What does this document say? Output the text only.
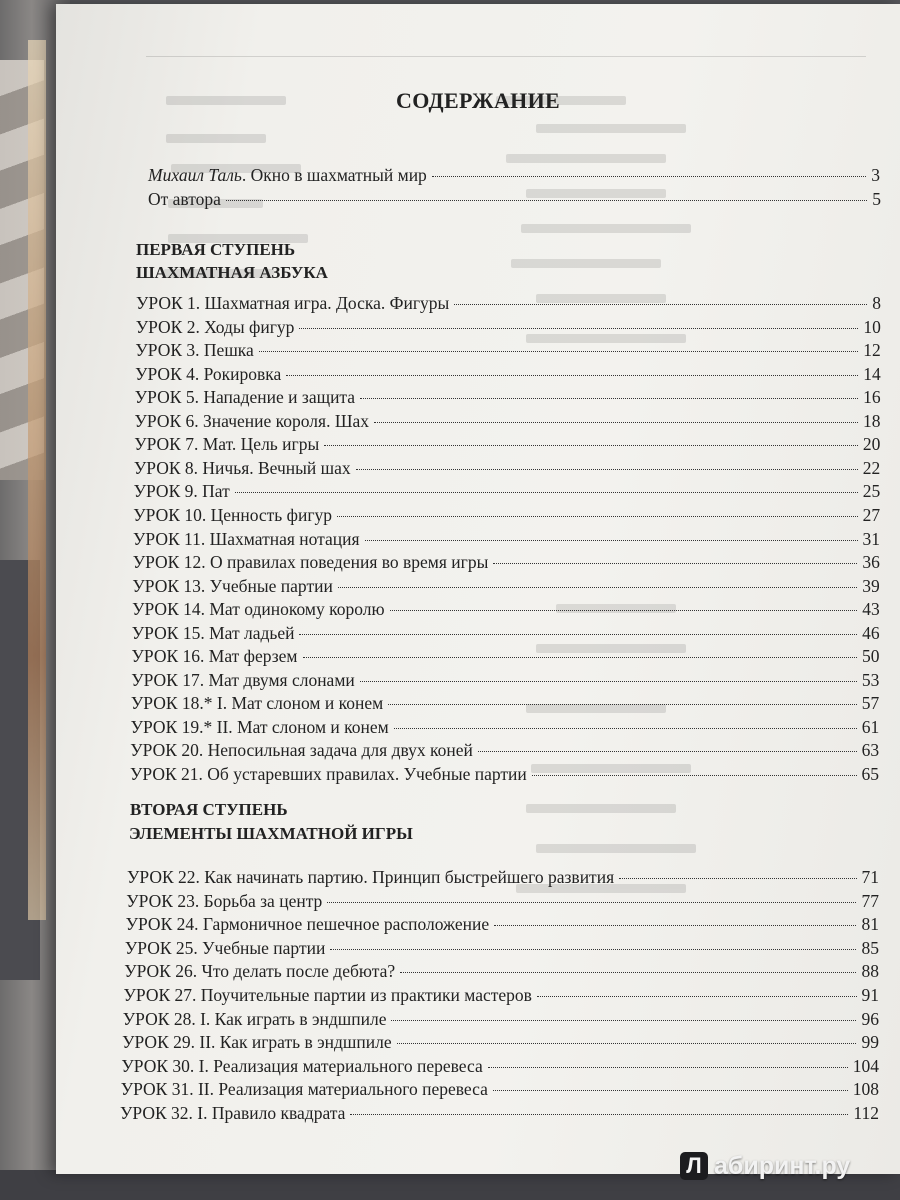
СОДЕРЖАНИЕ
Михаил Таль. Окно в шахматный мир	3
От автора	5
ПЕРВАЯ СТУПЕНЬ
ШАХМАТНАЯ АЗБУКА
УРОК 1. Шахматная игра. Доска. Фигуры	8
УРОК 2. Ходы фигур	10
УРОК 3. Пешка	12
УРОК 4. Рокировка	14
УРОК 5. Нападение и защита	16
УРОК 6. Значение короля. Шах	18
УРОК 7. Мат. Цель игры	20
УРОК 8. Ничья. Вечный шах	22
УРОК 9. Пат	25
УРОК 10. Ценность фигур	27
УРОК 11. Шахматная нотация	31
УРОК 12. О правилах поведения во время игры	36
УРОК 13. Учебные партии	39
УРОК 14. Мат одинокому королю	43
УРОК 15. Мат ладьей	46
УРОК 16. Мат ферзем	50
УРОК 17. Мат двумя слонами	53
УРОК 18.* I. Мат слоном и конем	57
УРОК 19.* II. Мат слоном и конем	61
УРОК 20. Непосильная задача для двух коней	63
УРОК 21. Об устаревших правилах. Учебные партии	65
ВТОРАЯ СТУПЕНЬ
ЭЛЕМЕНТЫ ШАХМАТНОЙ ИГРЫ
УРОК 22. Как начинать партию. Принцип быстрейшего развития	71
УРОК 23. Борьба за центр	77
УРОК 24. Гармоничное пешечное расположение	81
УРОК 25. Учебные партии	85
УРОК 26. Что делать после дебюта?	88
УРОК 27. Поучительные партии из практики мастеров	91
УРОК 28. I. Как играть в эндшпиле	96
УРОК 29. II. Как играть в эндшпиле	99
УРОК 30. I. Реализация материального перевеса	104
УРОК 31. II. Реализация материального перевеса	108
УРОК 32. I. Правило квадрата	112
Л абиринт.ру
